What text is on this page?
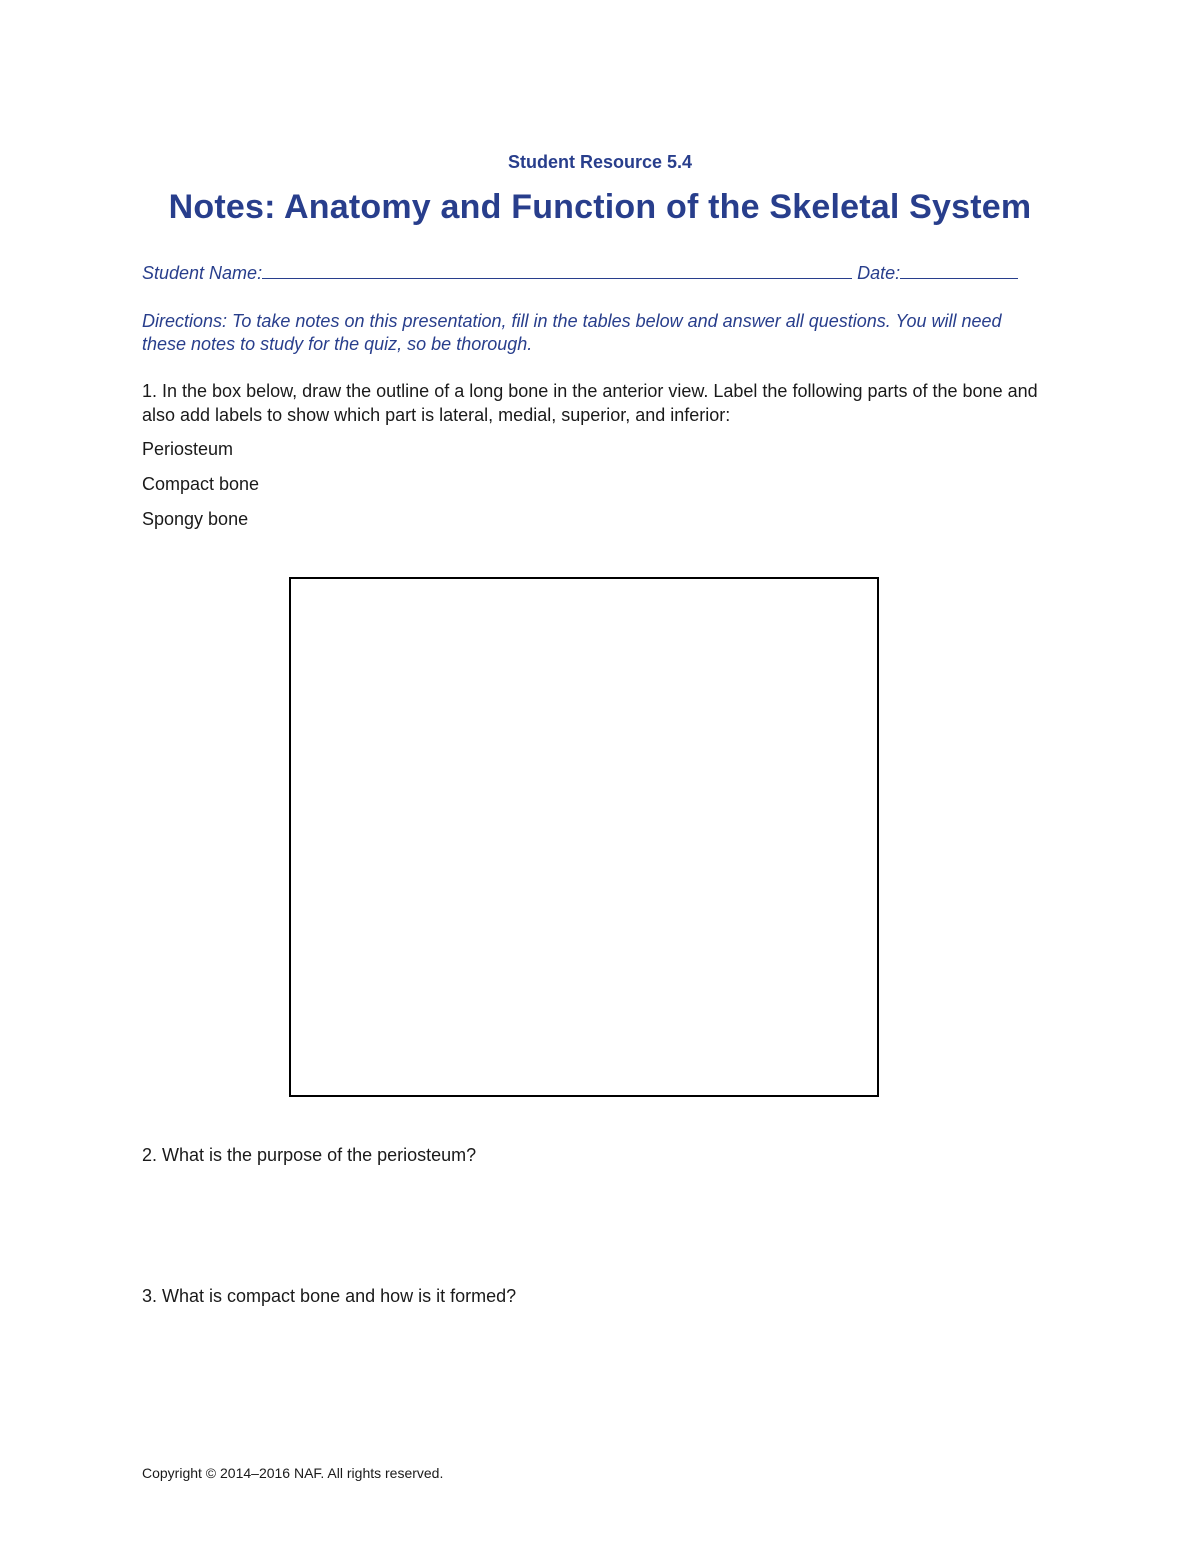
Student Resource 5.4
Notes: Anatomy and Function of the Skeletal System
Student Name:	Date:
Directions: To take notes on this presentation, fill in the tables below and answer all questions. You will need these notes to study for the quiz, so be thorough.
1. In the box below, draw the outline of a long bone in the anterior view. Label the following parts of the bone and also add labels to show which part is lateral, medial, superior, and inferior:
Periosteum
Compact bone
Spongy bone
2. What is the purpose of the periosteum?
3. What is compact bone and how is it formed?
Copyright © 2014–2016 NAF. All rights reserved.
